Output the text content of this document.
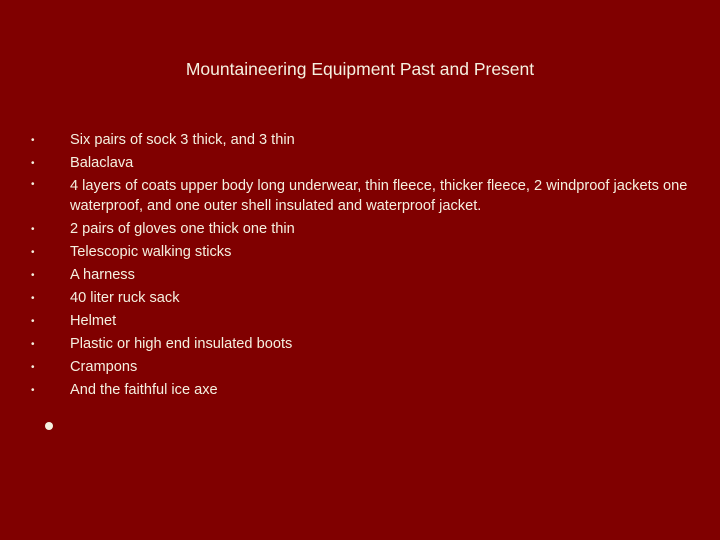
Mountaineering Equipment Past and Present
• Six pairs of sock 3 thick, and 3 thin
• Balaclava
• 4 layers of coats upper body long underwear, thin fleece, thicker fleece, 2 windproof jackets one waterproof, and one outer shell insulated and waterproof jacket.
• 2 pairs of gloves one thick one thin
• Telescopic walking sticks
• A harness
• 40 liter ruck sack
• Helmet
• Plastic or high end insulated boots
• Crampons
• And the faithful ice axe
